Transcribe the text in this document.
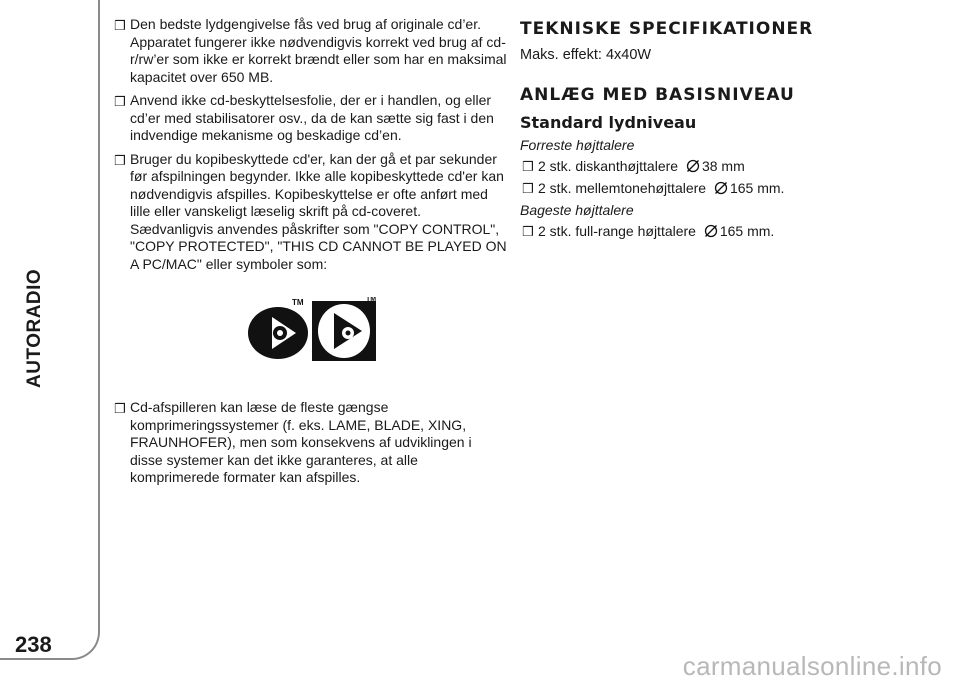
AUTORADIO
238
❒ Den bedste lydgengivelse fås ved brug af originale cd’er. Apparatet fungerer ikke nødvendigvis korrekt ved brug af cd-r/rw’er som ikke er korrekt brændt eller som har en maksimal kapacitet over 650 MB.
❒ Anvend ikke cd-beskyttelsesfolie, der er i handlen, og eller cd’er med stabilisatorer osv., da de kan sætte sig fast i den indvendige mekanisme og beskadige cd’en.
❒ Bruger du kopibeskyttede cd'er, kan der gå et par sekunder før afspilningen begynder. Ikke alle kopibeskyttede cd'er kan nødvendigvis afspilles. Kopibeskyttelse er ofte anført med lille eller vanskeligt læselig skrift på cd-coveret. Sædvanligvis anvendes påskrifter som "COPY CONTROL", "COPY PROTECTED", "THIS CD CANNOT BE PLAYED ON A PC/MAC" eller symboler som:
TM	TM
❒ Cd-afspilleren kan læse de fleste gængse komprimeringssystemer (f. eks. LAME, BLADE, XING, FRAUNHOFER), men som konsekvens af udviklingen i disse systemer kan det ikke garanteres, at alle komprimerede formater kan afspilles.
TEKNISKE SPECIFIKATIONER
Maks. effekt: 4x40W
ANLÆG MED BASISNIVEAU
Standard lydniveau
Forreste højttalere
❒ 2 stk. diskanthøjttalere 38 mm
❒ 2 stk. mellemtonehøjttalere 165 mm.
Bageste højttalere
❒ 2 stk. full-range højttalere 165 mm.
carmanualsonline.info
